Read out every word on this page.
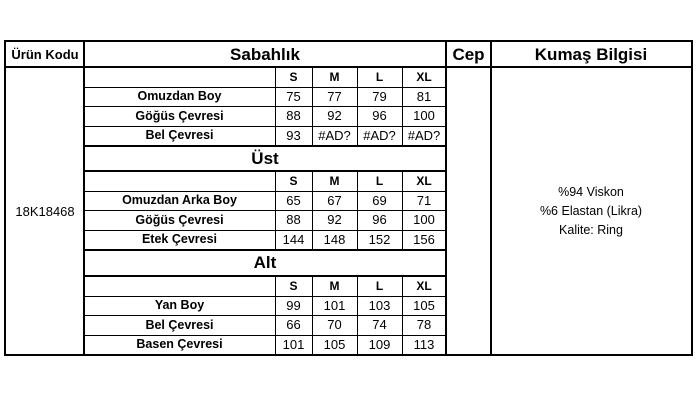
Ürün Kodu	Sabahlık	Cep	Kumaş Bilgisi
18K18468
%94 Viskon
%6 Elastan (Likra)
Kalite: Ring
S	M	L	XL
Omuzdan Boy	75	77	79	81
Göğüs Çevresi	88	92	96	100
Bel Çevresi	93	#AD? #AD? #AD?
Üst
S	M	L	XL
Omuzdan Arka Boy	65	67	69	71
Göğüs Çevresi	88	92	96	100
Etek Çevresi	144	148	152	156
Alt
S	M	L	XL
Yan Boy	99	101	103	105
Bel Çevresi	66	70	74	78
Basen Çevresi	101	105	109	113
